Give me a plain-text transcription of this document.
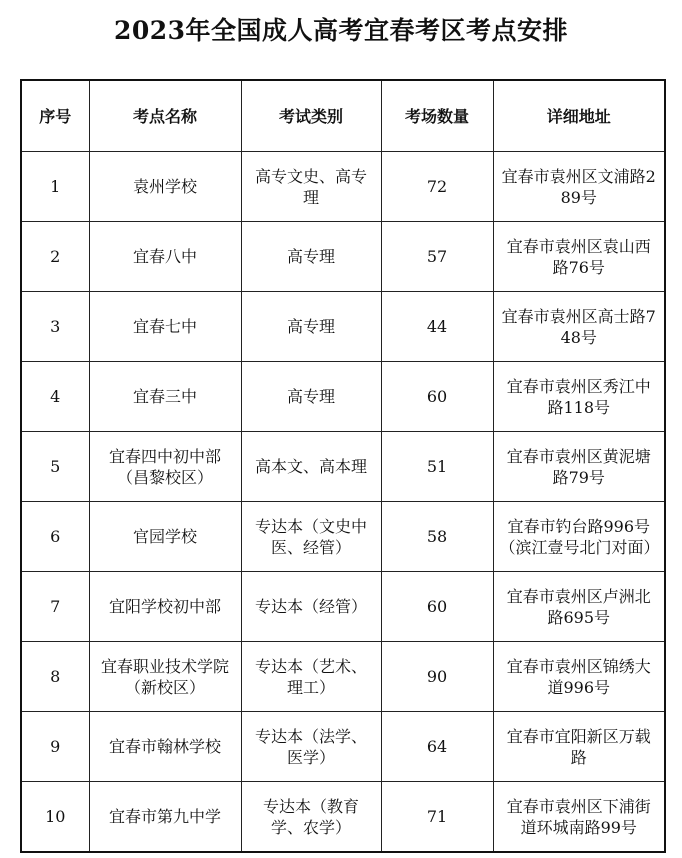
2023年全国成人高考宜春考区考点安排
序号	考点名称	考试类别	考场数量	详细地址
1	袁州学校	高专文史、高专理	72	宜春市袁州区文浦路289号
2	宜春八中	高专理	57	宜春市袁州区袁山西路76号
3	宜春七中	高专理	44	宜春市袁州区高士路748号
4	宜春三中	高专理	60	宜春市袁州区秀江中路118号
5	宜春四中初中部（昌黎校区）	高本文、高本理	51	宜春市袁州区黄泥塘路79号
6	官园学校	专达本（文史中医、经管）	58	宜春市钓台路996号（滨江壹号北门对面）
7	宜阳学校初中部	专达本（经管）	60	宜春市袁州区卢洲北路695号
8	宜春职业技术学院（新校区）	专达本（艺术、理工）	90	宜春市袁州区锦绣大道996号
9	宜春市翰林学校	专达本（法学、医学）	64	宜春市宜阳新区万载路
10	宜春市第九中学	专达本（教育学、农学）	71	宜春市袁州区下浦街道环城南路99号
